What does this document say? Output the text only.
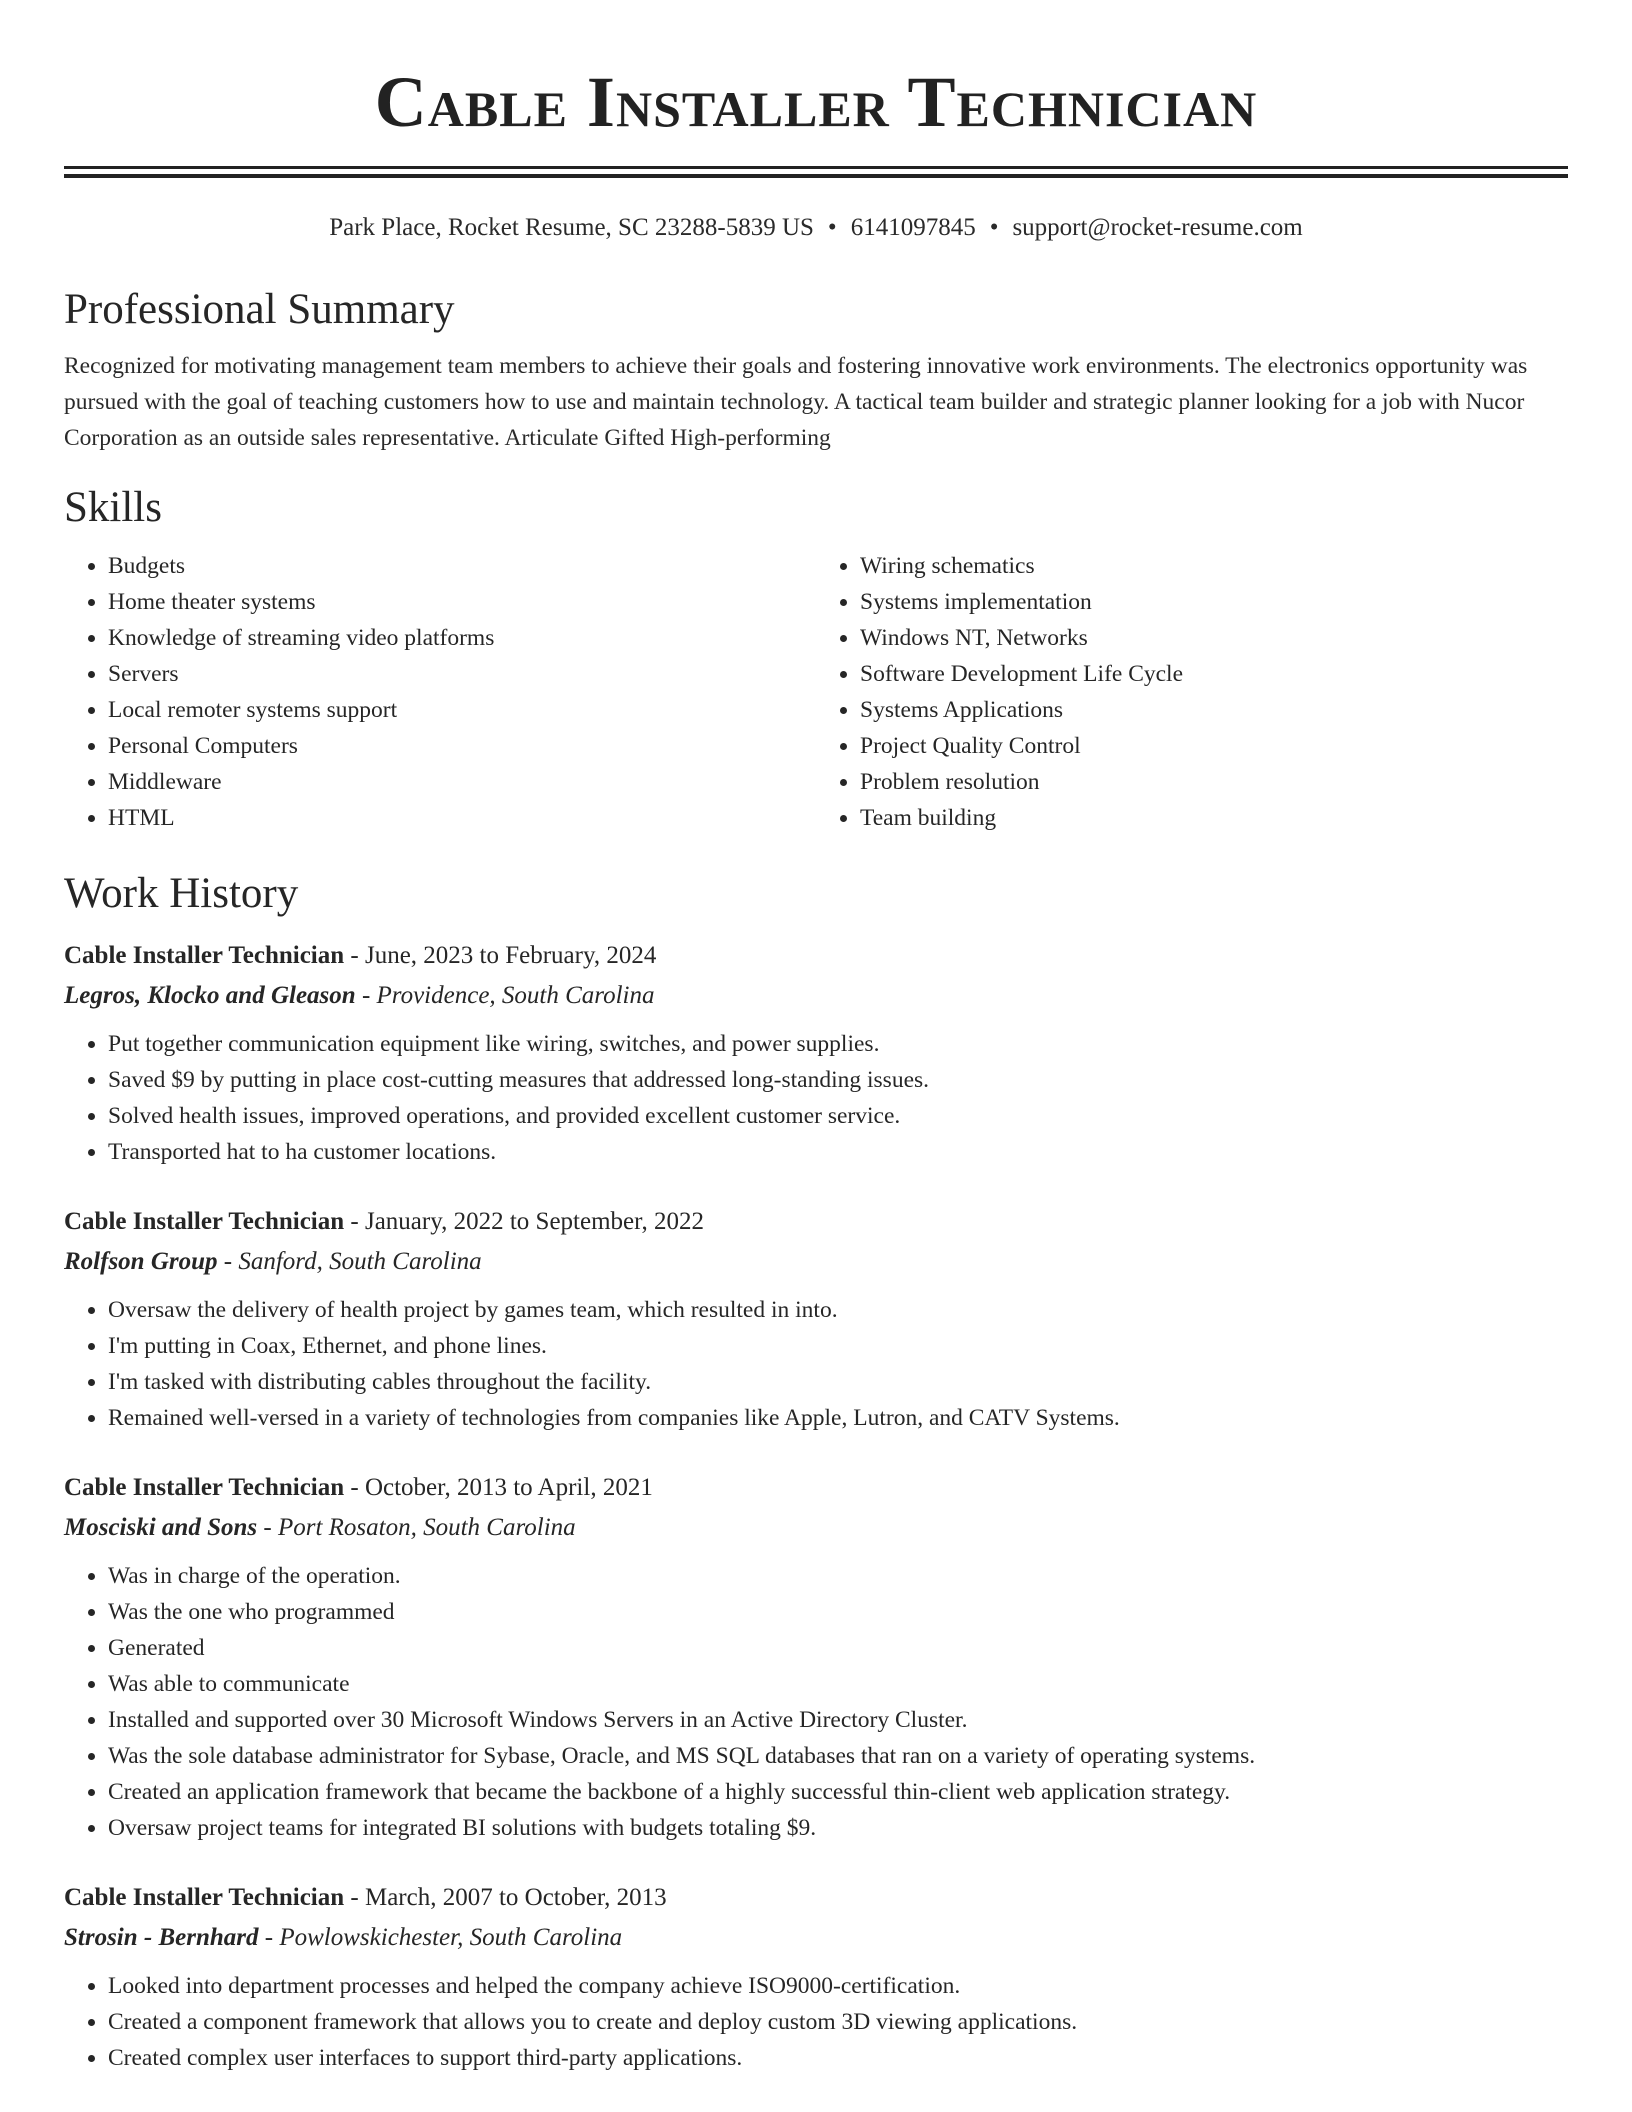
Cable Installer Technician
Park Place, Rocket Resume, SC 23288-5839 US • 6141097845 • support@rocket-resume.com
Professional Summary
Recognized for motivating management team members to achieve their goals and fostering innovative work environments. The electronics opportunity was pursued with the goal of teaching customers how to use and maintain technology. A tactical team builder and strategic planner looking for a job with Nucor Corporation as an outside sales representative. Articulate Gifted High-performing
Skills
• Budgets
• Home theater systems
• Knowledge of streaming video platforms
• Servers
• Local remoter systems support
• Personal Computers
• Middleware
• HTML
• Wiring schematics
• Systems implementation
• Windows NT, Networks
• Software Development Life Cycle
• Systems Applications
• Project Quality Control
• Problem resolution
• Team building
Work History
Cable Installer Technician - June, 2023 to February, 2024
Legros, Klocko and Gleason - Providence, South Carolina
• Put together communication equipment like wiring, switches, and power supplies.
• Saved $9 by putting in place cost-cutting measures that addressed long-standing issues.
• Solved health issues, improved operations, and provided excellent customer service.
• Transported hat to ha customer locations.
Cable Installer Technician - January, 2022 to September, 2022
Rolfson Group - Sanford, South Carolina
• Oversaw the delivery of health project by games team, which resulted in into.
• I'm putting in Coax, Ethernet, and phone lines.
• I'm tasked with distributing cables throughout the facility.
• Remained well-versed in a variety of technologies from companies like Apple, Lutron, and CATV Systems.
Cable Installer Technician - October, 2013 to April, 2021
Mosciski and Sons - Port Rosaton, South Carolina
• Was in charge of the operation.
• Was the one who programmed
• Generated
• Was able to communicate
• Installed and supported over 30 Microsoft Windows Servers in an Active Directory Cluster.
• Was the sole database administrator for Sybase, Oracle, and MS SQL databases that ran on a variety of operating systems.
• Created an application framework that became the backbone of a highly successful thin-client web application strategy.
• Oversaw project teams for integrated BI solutions with budgets totaling $9.
Cable Installer Technician - March, 2007 to October, 2013
Strosin - Bernhard - Powlowskichester, South Carolina
• Looked into department processes and helped the company achieve ISO9000-certification.
• Created a component framework that allows you to create and deploy custom 3D viewing applications.
• Created complex user interfaces to support third-party applications.
